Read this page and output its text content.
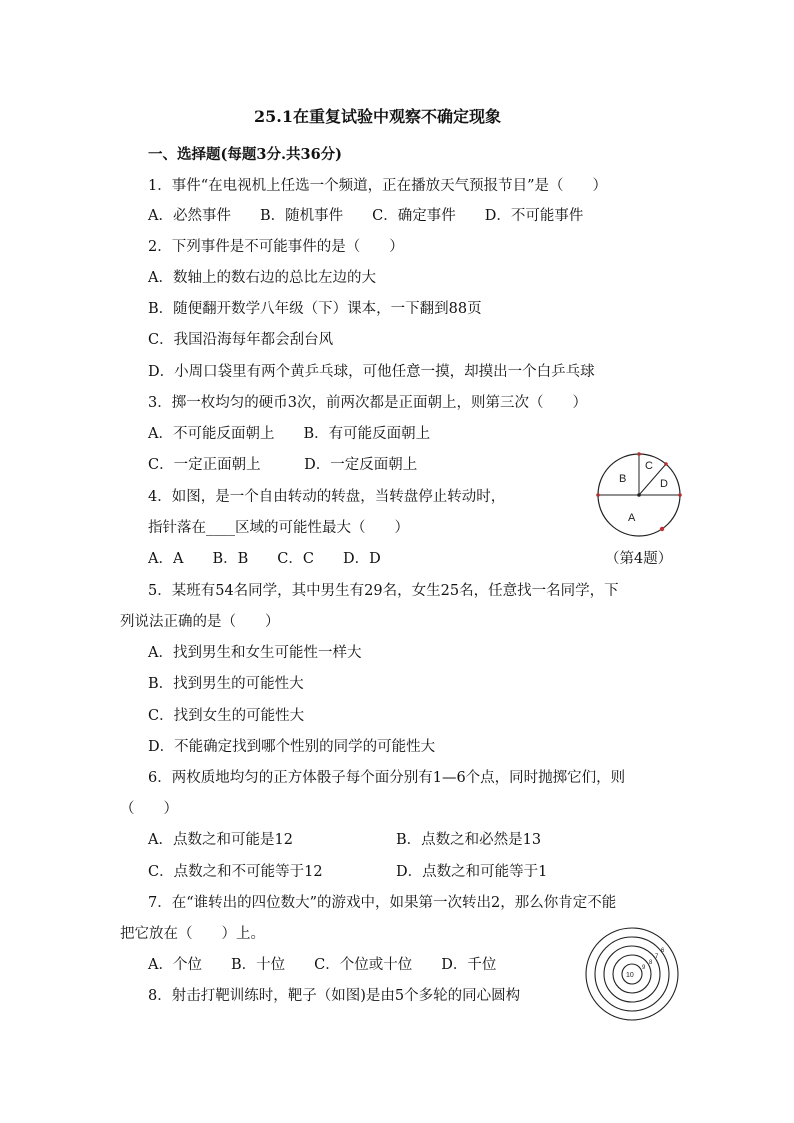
25.1在重复试验中观察不确定现象
一、选择题(每题3分.共36分)
1．事件“在电视机上任选一个频道，正在播放天气预报节目”是（　　）
A．必然事件　　B．随机事件　　C．确定事件　　D．不可能事件
2．下列事件是不可能事件的是（　　）
A．数轴上的数右边的总比左边的大
B．随便翻开数学八年级（下）课本，一下翻到88页
C．我国沿海每年都会刮台风
D．小周口袋里有两个黄乒乓球，可他任意一摸，却摸出一个白乒乓球
3．掷一枚均匀的硬币3次，前两次都是正面朝上，则第三次（　　）
A．不可能反面朝上　　B．有可能反面朝上
C．一定正面朝上　　　D．一定反面朝上
4．如图，是一个自由转动的转盘，当转盘停止转动时，
指针落在____区域的可能性最大（　　）
A．A　　B．B　　C．C　　D．D	（第4题）
A
B
C
D
5．某班有54名同学，其中男生有29名，女生25名，任意找一名同学，下
列说法正确的是（　　）
A．找到男生和女生可能性一样大
B．找到男生的可能性大
C．找到女生的可能性大
D．不能确定找到哪个性别的同学的可能性大
6．两枚质地均匀的正方体骰子每个面分别有1—6个点，同时抛掷它们，则
（　　）
A．点数之和可能是12	B．点数之和必然是13
C．点数之和不可能等于12	D．点数之和可能等于1
7．在“谁转出的四位数大”的游戏中，如果第一次转出2，那么你肯定不能
把它放在（　　）上。
A．个位　　B．十位　　C．个位或十位　　D．千位
8．射击打靶训练时，靶子（如图)是由5个多轮的同心圆构
10
9
8
7
6
